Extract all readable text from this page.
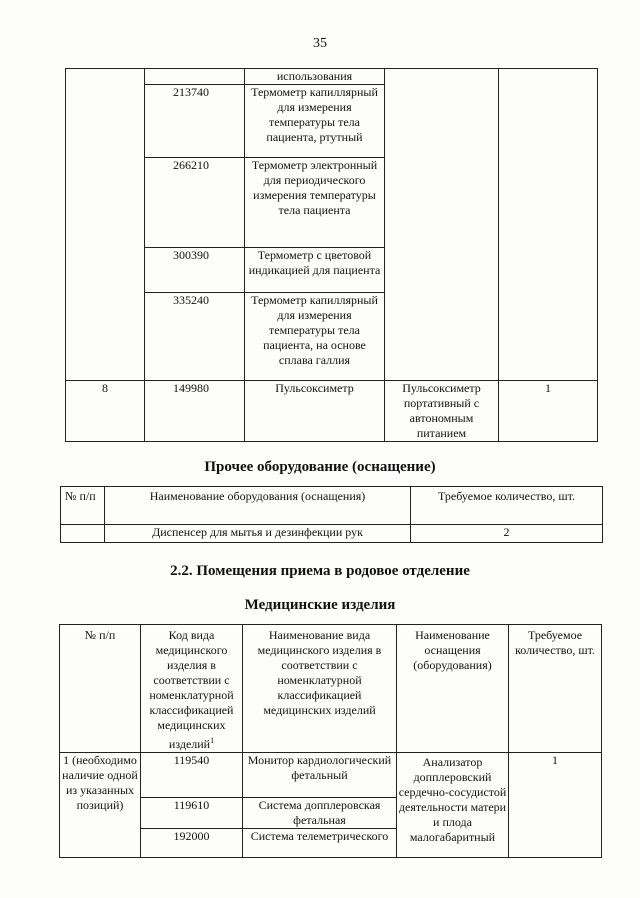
35
		использования		
	213740	Термометр капиллярный для измерения температуры тела пациента, ртутный		
	266210	Термометр электронный для периодического измерения температуры тела пациента		
	300390	Термометр с цветовой индикацией для пациента		
	335240	Термометр капиллярный для измерения температуры тела пациента, на основе сплава галлия		
8	149980	Пульсоксиметр	Пульсоксиметр портативный с автономным питанием	1
Прочее оборудование (оснащение)
№ п/п	Наименование оборудования (оснащения)	Требуемое количество, шт.
	Диспенсер для мытья и дезинфекции рук	2
2.2. Помещения приема в родовое отделение
Медицинские изделия
№ п/п	Код вида медицинского изделия в соответствии с номенклатурной классификацией медицинских изделий$^1$	Наименование вида медицинского изделия в соответствии с номенклатурной классификацией медицинских изделий	Наименование оснащения (оборудования)	Требуемое количество, шт.
1 (необходимо наличие одной из указанных позиций)	119540	Монитор кардиологический фетальный	Анализатор допплеровский сердечно-сосудистой деятельности матери и плода малогабаритный	1
	119610	Система допплеровская фетальная		
	192000	Система телеметрического		
